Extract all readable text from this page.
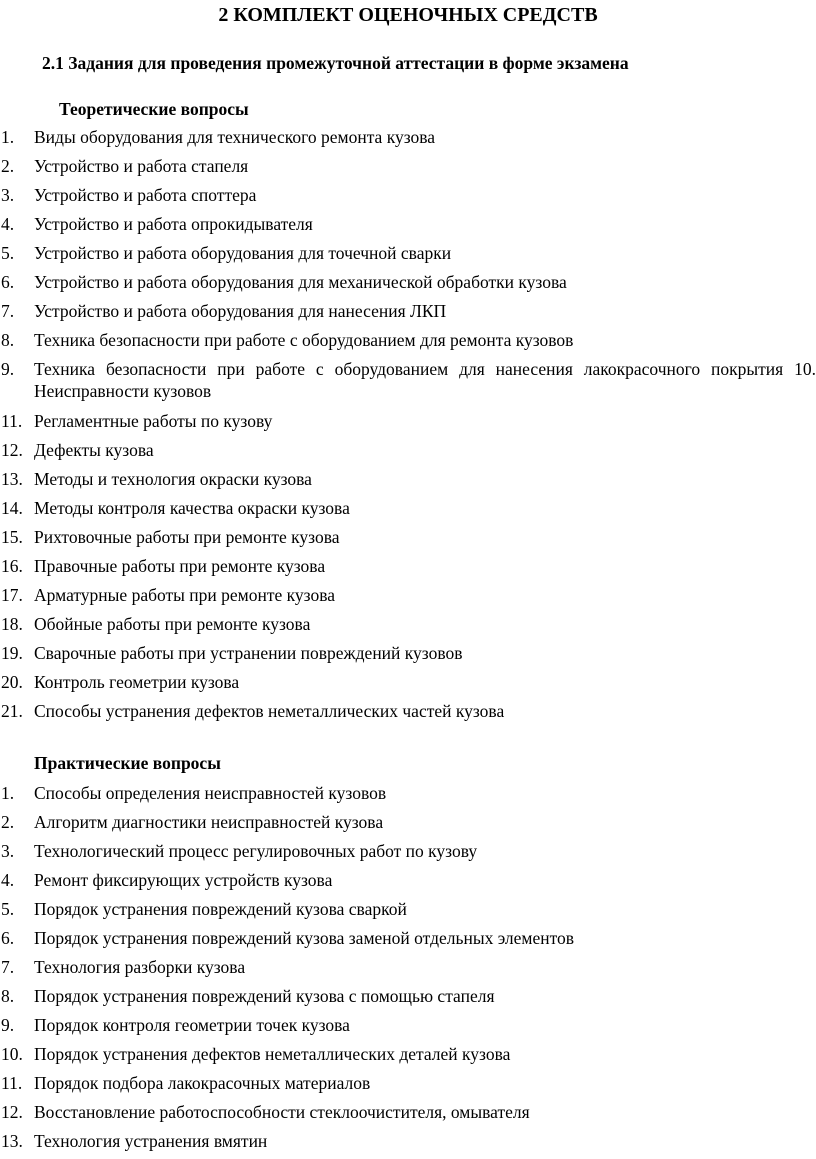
2 КОМПЛЕКТ ОЦЕНОЧНЫХ СРЕДСТВ
2.1 Задания для проведения промежуточной аттестации в форме экзамена
Теоретические вопросы
1. Виды оборудования для технического ремонта кузова
2. Устройство и работа стапеля
3. Устройство и работа споттера
4. Устройство и работа опрокидывателя
5. Устройство и работа оборудования для точечной сварки
6. Устройство и работа оборудования для механической обработки кузова
7. Устройство и работа оборудования для нанесения ЛКП
8. Техника безопасности при работе с оборудованием для ремонта кузовов
9. Техника безопасности при работе с оборудованием для нанесения лакокрасочного покрытия 10. Неисправности кузовов
11. Регламентные работы по кузову
12. Дефекты кузова
13. Методы и технология окраски кузова
14. Методы контроля качества окраски кузова
15. Рихтовочные работы при ремонте кузова
16. Правочные работы при ремонте кузова
17. Арматурные работы при ремонте кузова
18. Обойные работы при ремонте кузова
19. Сварочные работы при устранении повреждений кузовов
20. Контроль геометрии кузова
21. Способы устранения дефектов неметаллических частей кузова
Практические вопросы
1. Способы определения неисправностей кузовов
2. Алгоритм диагностики неисправностей кузова
3. Технологический процесс регулировочных работ по кузову
4. Ремонт фиксирующих устройств кузова
5. Порядок устранения повреждений кузова сваркой
6. Порядок устранения повреждений кузова заменой отдельных элементов
7. Технология разборки кузова
8. Порядок устранения повреждений кузова с помощью стапеля
9. Порядок контроля геометрии точек кузова
10. Порядок устранения дефектов неметаллических деталей кузова
11. Порядок подбора лакокрасочных материалов
12. Восстановление работоспособности стеклоочистителя, омывателя
13. Технология устранения вмятин
